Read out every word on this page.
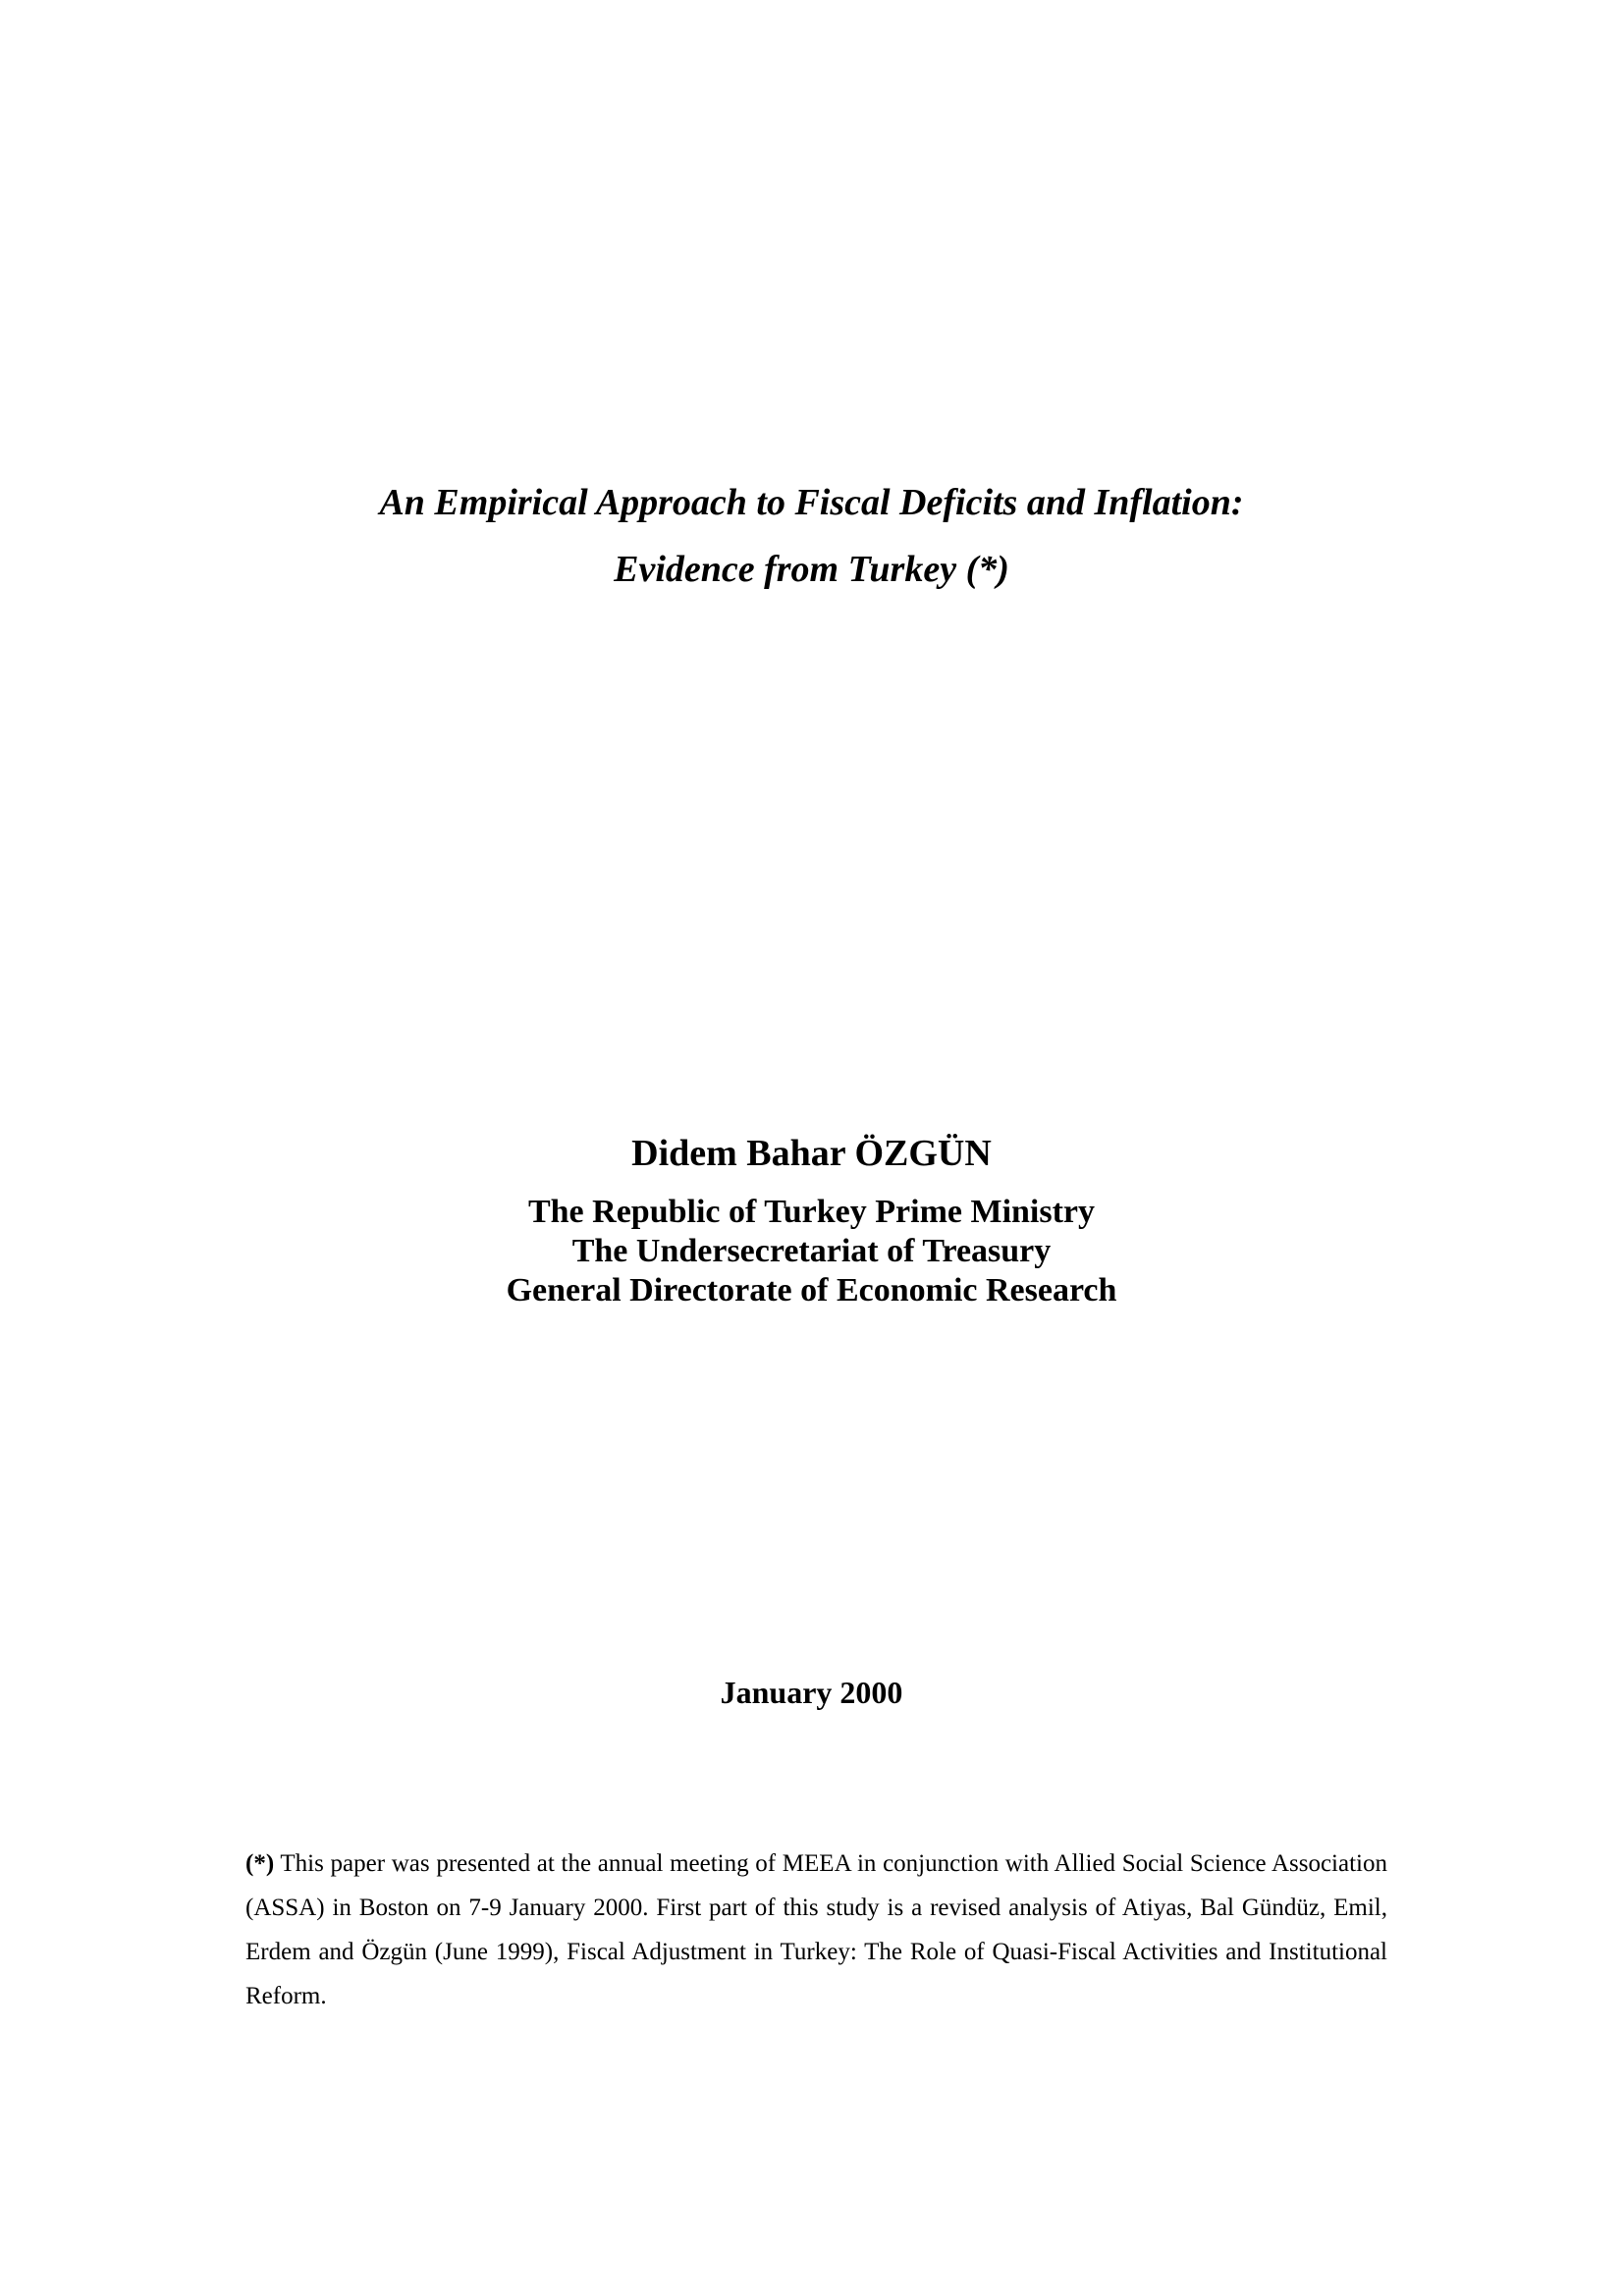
An Empirical Approach to Fiscal Deficits and Inflation:

Evidence from Turkey (*)

Didem Bahar ÖZGÜN

The Republic of Turkey Prime Ministry

The Undersecretariat of Treasury

General Directorate of Economic Research

January 2000

(*) This paper was presented at the annual meeting of MEEA in conjunction with Allied Social Science Association (ASSA) in Boston on 7-9 January 2000. First part of this study is a revised analysis of Atiyas, Bal Gündüz, Emil, Erdem and Özgün (June 1999), Fiscal Adjustment in Turkey: The Role of Quasi-Fiscal Activities and Institutional Reform.
